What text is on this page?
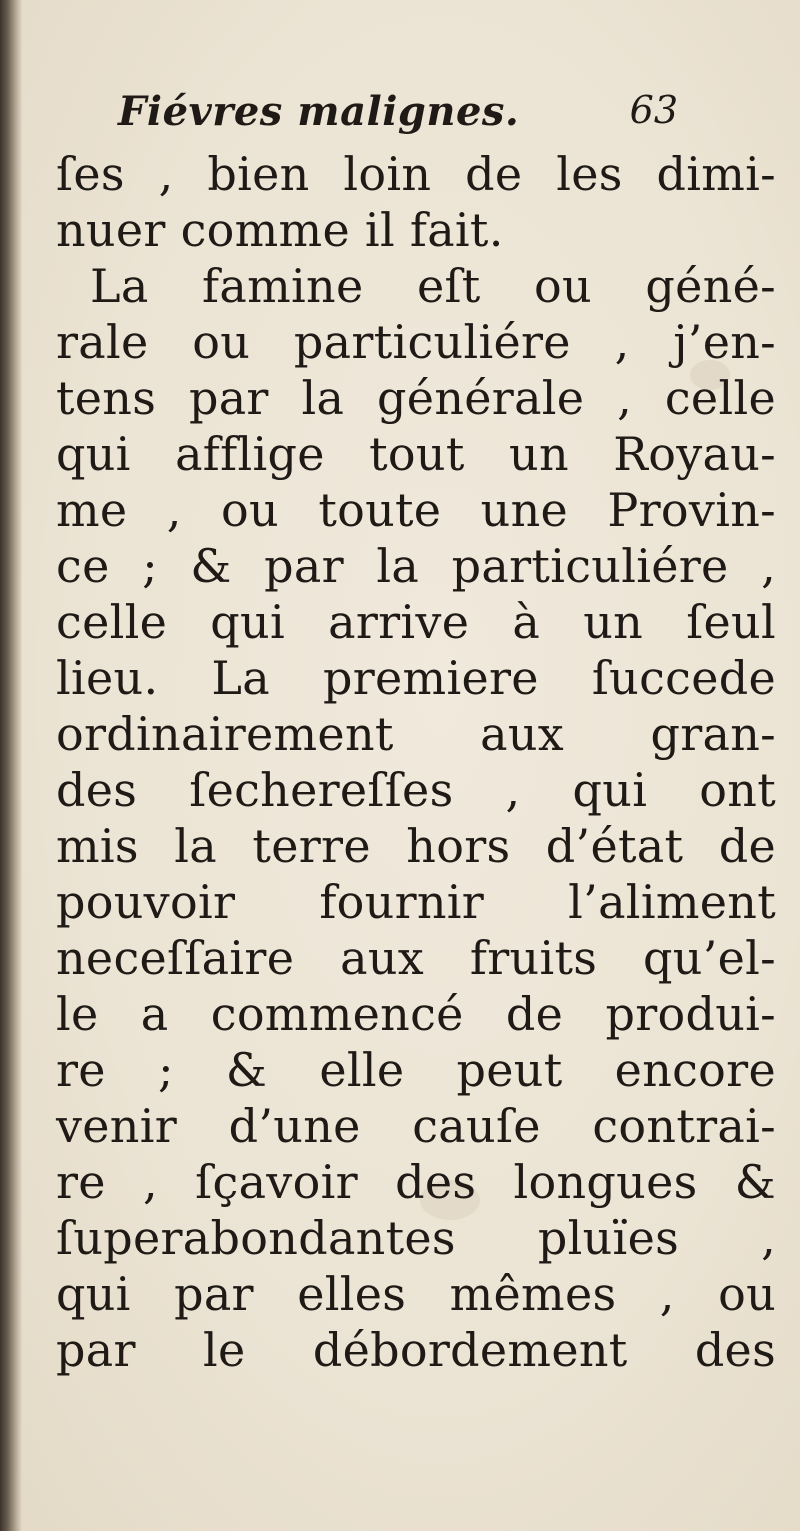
Fiévres malignes.	63
ſes , bien loin de les dimi-
nuer comme il fait.
La famine eſt ou géné-
rale ou particuliére , j’en-
tens par la générale , celle
qui afflige tout un Royau-
me , ou toute une Provin-
ce ; & par la particuliére ,
celle qui arrive à un ſeul
lieu. La premiere ſuccede
ordinairement aux gran-
des ſechereſſes , qui ont
mis la terre hors d’état de
pouvoir fournir l’aliment
neceſſaire aux fruits qu’el-
le a commencé de produi-
re ; & elle peut encore
venir d’une cauſe contrai-
re , ſçavoir des longues &
ſuperabondantes pluïes ,
qui par elles mêmes , ou
par le débordement des
